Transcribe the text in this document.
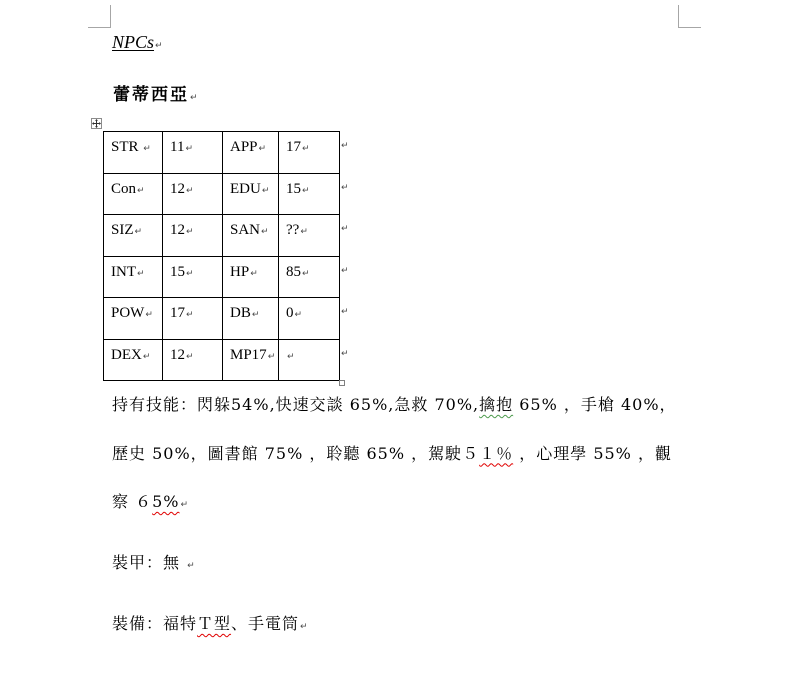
NPCs↵
蕾蒂西亞↵
STR ↵	11↵	APP↵	17↵
Con↵	12↵	EDU↵	15↵
SIZ↵	12↵	SAN↵	??↵
INT↵	15↵	HP↵	85↵
POW↵	17↵	DB↵	0↵
DEX↵	12↵	MP17↵	↵
↵
↵
↵
↵
↵
↵
持有技能：閃躲54%,快速交談 65%,急救 70%,擒抱 65% ，手槍 40%，
歷史 50%，圖書館 75% ，聆聽 65% ，駕駛５１％ ，心理學 55% ，觀
察 ６5%↵
裝甲：無 ↵
裝備：福特Ｔ型、手電筒↵
